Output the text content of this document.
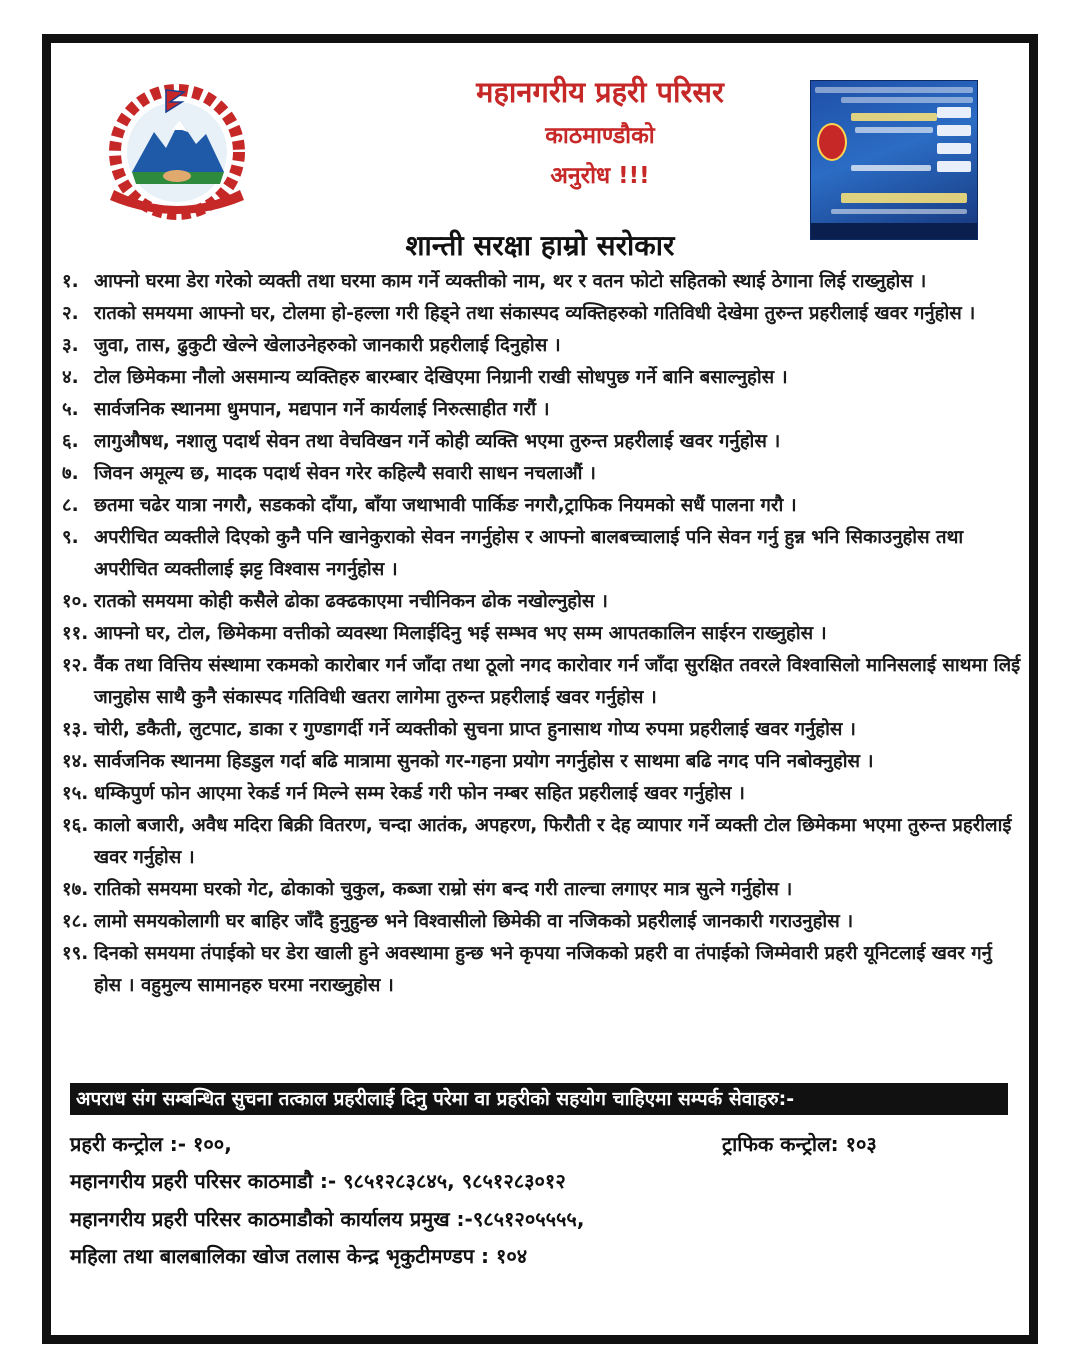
महानगरीय प्रहरी परिसर
काठमाण्डौको
अनुरोध !!!
शान्ती सरक्षा हाम्रो सरोकार
१. आफ्नो घरमा डेरा गरेको व्यक्ती तथा घरमा काम गर्ने व्यक्तीको नाम, थर र वतन फोटो सहितको स्थाई ठेगाना लिई राख्नुहोस ।
२. रातको समयमा आफ्नो घर, टोलमा हो-हल्ला गरी हिड्ने तथा संकास्पद व्यक्तिहरुको गतिविधी देखेमा तुरुन्त प्रहरीलाई खवर गर्नुहोस ।
३. जुवा, तास, ढुकुटी खेल्ने खेलाउनेहरुको जानकारी प्रहरीलाई दिनुहोस ।
४. टोल छिमेकमा नौलो असमान्य व्यक्तिहरु बारम्बार देखिएमा निग्रानी राखी सोधपुछ गर्ने बानि बसाल्नुहोस ।
५. सार्वजनिक स्थानमा धुमपान, मद्यपान गर्ने कार्यलाई निरुत्साहीत गरौं ।
६. लागुऔषध, नशालु पदार्थ सेवन तथा वेचविखन गर्ने कोही व्यक्ति भएमा तुरुन्त प्रहरीलाई खवर गर्नुहोस ।
७. जिवन अमूल्य छ, मादक पदार्थ सेवन गरेर कहिल्यै सवारी साधन नचलाऔं ।
८. छतमा चढेर यात्रा नगरौ, सडकको दाँया, बाँया जथाभावी पार्किङ नगरौ,ट्राफिक नियमको सधैं पालना गरौ ।
९. अपरीचित व्यक्तीले दिएको कुनै पनि खानेकुराको सेवन नगर्नुहोस र आफ्नो बालबच्चालाई पनि सेवन गर्नु हुन्न भनि सिकाउनुहोस तथा अपरीचित व्यक्तीलाई झट्ट विश्वास नगर्नुहोस ।
१०. रातको समयमा कोही कसैले ढोका ढक्ढकाएमा नचीनिकन ढोक नखोल्नुहोस ।
११. आफ्नो घर, टोल, छिमेकमा वत्तीको व्यवस्था मिलाईदिनु भई सम्भव भए सम्म आपतकालिन साईरन राख्नुहोस ।
१२. वैंक तथा वित्तिय संस्थामा रकमको कारोबार गर्न जाँदा तथा ठूलो नगद कारोवार गर्न जाँदा सुरक्षित तवरले विश्वासिलो मानिसलाई साथमा लिई जानुहोस साथै कुनै संकास्पद गतिविधी खतरा लागेमा तुरुन्त प्रहरीलाई खवर गर्नुहोस ।
१३. चोरी, डकैती, लुटपाट, डाका र गुण्डागर्दी गर्ने व्यक्तीको सुचना प्राप्त हुनासाथ गोप्य रुपमा प्रहरीलाई खवर गर्नुहोस ।
१४. सार्वजनिक स्थानमा हिडडुल गर्दा बढि मात्रामा सुनको गर-गहना प्रयोग नगर्नुहोस र साथमा बढि नगद पनि नबोक्नुहोस ।
१५. धम्किपुर्ण फोन आएमा रेकर्ड गर्न मिल्ने सम्म रेकर्ड गरी फोन नम्बर सहित प्रहरीलाई खवर गर्नुहोस ।
१६. कालो बजारी, अवैध मदिरा बिक्री वितरण, चन्दा आतंक, अपहरण, फिरौती र देह व्यापार गर्ने व्यक्ती टोल छिमेकमा भएमा तुरुन्त प्रहरीलाई खवर गर्नुहोस ।
१७. रातिको समयमा घरको गेट, ढोकाको चुकुल, कब्जा राम्रो संग बन्द गरी ताल्चा लगाएर मात्र सुत्ने गर्नुहोस ।
१८. लामो समयकोलागी घर बाहिर जाँदै हुनुहुन्छ भने विश्वासीलो छिमेकी वा नजिकको प्रहरीलाई जानकारी गराउनुहोस ।
१९. दिनको समयमा तंपाईको घर डेरा खाली हुने अवस्थामा हुन्छ भने कृपया नजिकको प्रहरी वा तंपाईको जिम्मेवारी प्रहरी यूनिटलाई खवर गर्नु होस । वहुमुल्य सामानहरु घरमा नराख्नुहोस ।
अपराध संग सम्बन्धित सुचना तत्काल प्रहरीलाई दिनु परेमा वा प्रहरीको सहयोग चाहिएमा सम्पर्क सेवाहरु:-
प्रहरी कन्ट्रोल :- १००,	ट्राफिक कन्ट्रोल: १०३
महानगरीय प्रहरी परिसर काठमाडौ :- ९८५१२८३८४५, ९८५१२८३०१२
महानगरीय प्रहरी परिसर काठमाडौको कार्यालय प्रमुख :-९८५१२०५५५५,
महिला तथा बालबालिका खोज तलास केन्द्र भृकुटीमण्डप : १०४
